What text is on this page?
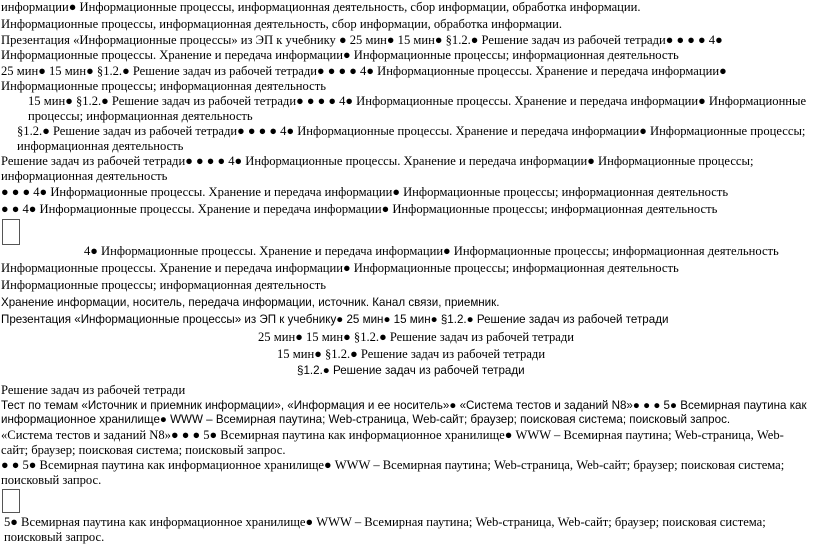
информации● Информационные процессы, информационная деятельность, сбор информации, обработка информации.

Информационные процессы, информационная деятельность, сбор информации, обработка информации.

Презентация «Информационные процессы» из ЭП к учебнику ● 25 мин● 15 мин● §1.2.● Решение задач из рабочей тетради● ● ● ● 4● Информационные процессы. Хранение и передача информации● Информационные процессы; информационная деятельность

25 мин● 15 мин● §1.2.● Решение задач из рабочей тетради● ● ● ● 4● Информационные процессы. Хранение и передача информации● Информационные процессы; информационная деятельность

15 мин● §1.2.● Решение задач из рабочей тетради● ● ● ● 4● Информационные процессы. Хранение и передача информации● Информационные процессы; информационная деятельность

§1.2.● Решение задач из рабочей тетради● ● ● ● 4● Информационные процессы. Хранение и передача информации● Информационные процессы; информационная деятельность

Решение задач из рабочей тетради● ● ● ● 4● Информационные процессы. Хранение и передача информации● Информационные процессы; информационная деятельность

● ● ● 4● Информационные процессы. Хранение и передача информации● Информационные процессы; информационная деятельность

● ● 4● Информационные процессы. Хранение и передача информации● Информационные процессы; информационная деятельность

4● Информационные процессы. Хранение и передача информации● Информационные процессы; информационная деятельность

Информационные процессы. Хранение и передача информации● Информационные процессы; информационная деятельность

Информационные процессы; информационная деятельность

Хранение информации, носитель, передача информации, источник. Канал связи, приемник.

Презентация «Информационные процессы» из ЭП к учебнику● 25 мин● 15 мин● §1.2.● Решение задач из рабочей тетради

25 мин● 15 мин● §1.2.● Решение задач из рабочей тетради

15 мин● §1.2.● Решение задач из рабочей тетради

§1.2.● Решение задач из рабочей тетради

Решение задач из рабочей тетради

Тест по темам «Источник и приемник информации», «Информация и ее носитель»● «Система тестов и заданий N8»● ● ● 5● Всемирная паутина как информационное хранилище● WWW – Всемирная паутина; Web-страница, Web-сайт; браузер; поисковая система; поисковый запрос.

«Система тестов и заданий N8»● ● ● 5● Всемирная паутина как информационное хранилище● WWW – Всемирная паутина; Web-страница, Web-сайт; браузер; поисковая система; поисковый запрос.

● ● 5● Всемирная паутина как информационное хранилище● WWW – Всемирная паутина; Web-страница, Web-сайт; браузер; поисковая система; поисковый запрос.

5● Всемирная паутина как информационное хранилище● WWW – Всемирная паутина; Web-страница, Web-сайт; браузер; поисковая система; поисковый запрос.
